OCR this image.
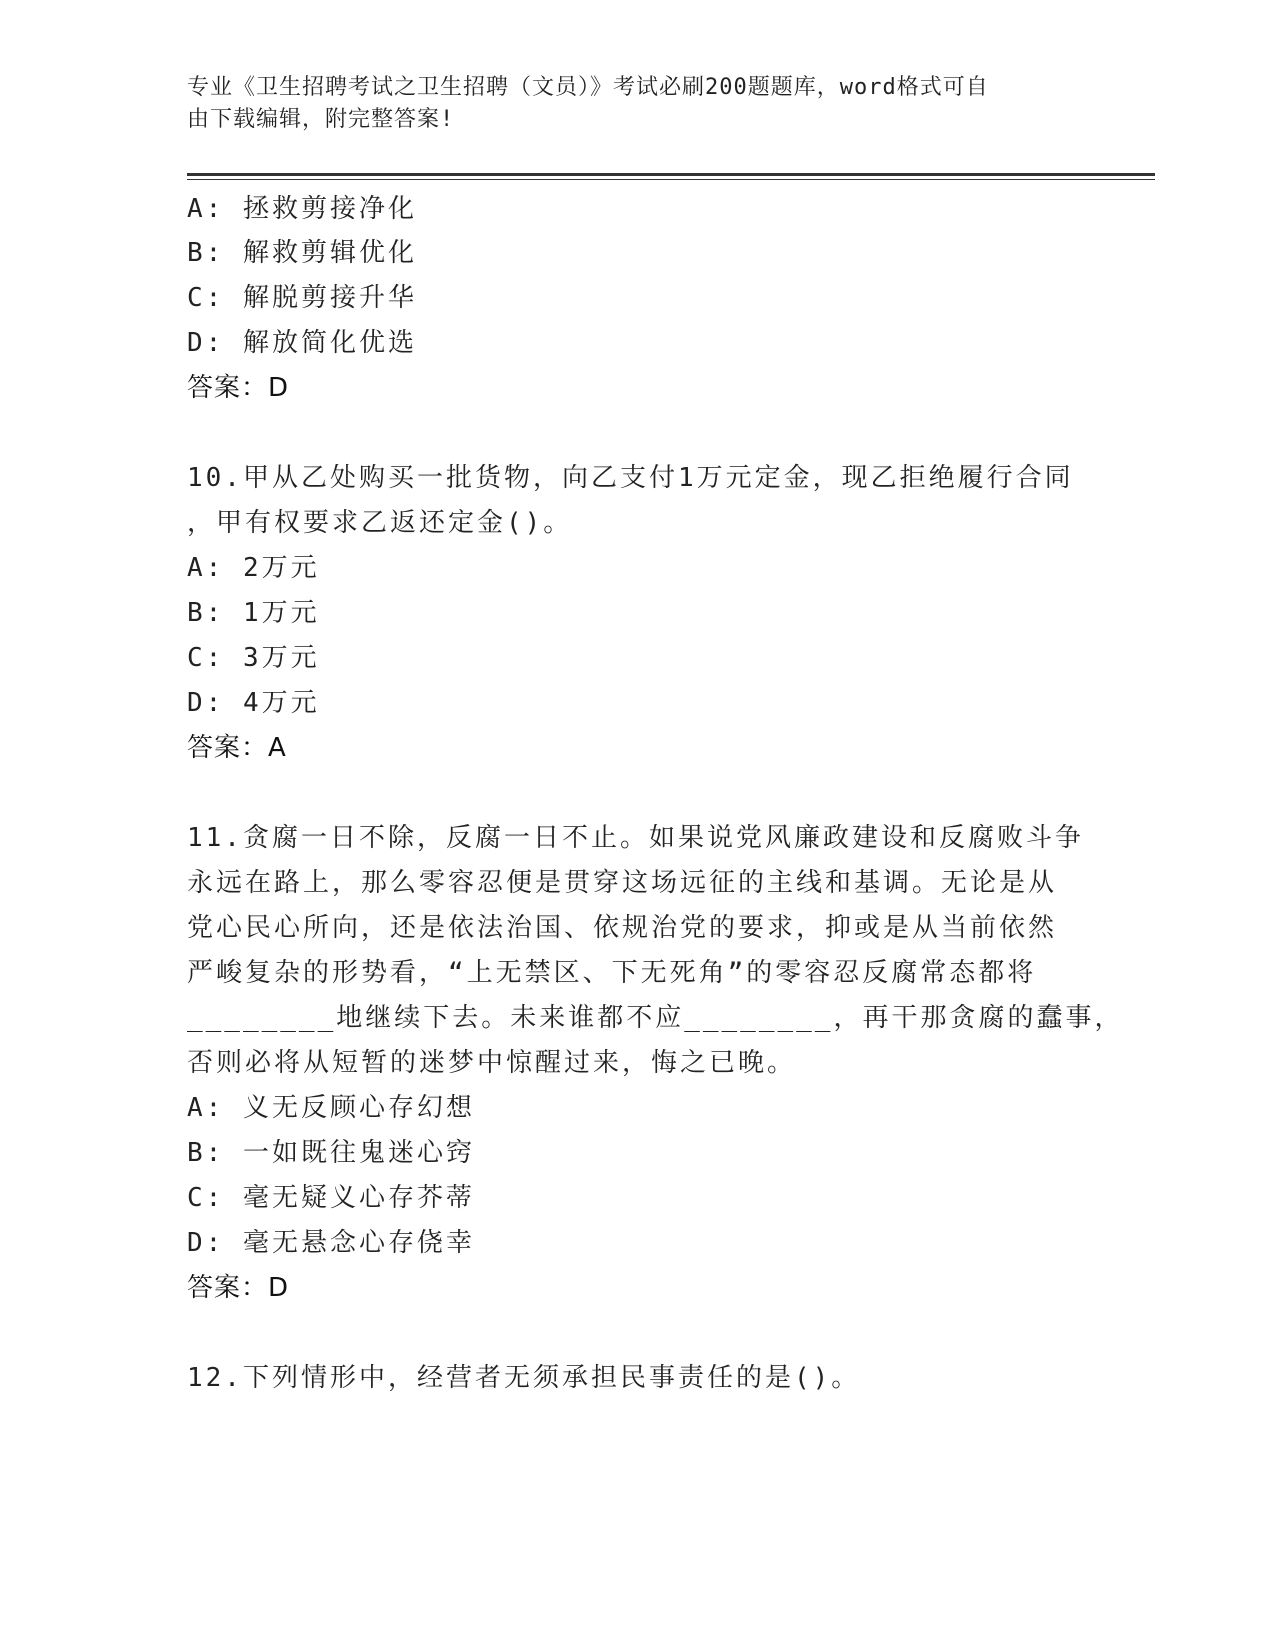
专业《卫生招聘考试之卫生招聘（文员）》考试必刷200题题库，word格式可自
由下载编辑，附完整答案!
A: 拯救剪接净化
B: 解救剪辑优化
C: 解脱剪接升华
D: 解放简化优选
答案：D
10.甲从乙处购买一批货物，向乙支付1万元定金，现乙拒绝履行合同
，甲有权要求乙返还定金()。
A: 2万元
B: 1万元
C: 3万元
D: 4万元
答案：A
11.贪腐一日不除，反腐一日不止。如果说党风廉政建设和反腐败斗争
永远在路上，那么零容忍便是贯穿这场远征的主线和基调。无论是从
党心民心所向，还是依法治国、依规治党的要求，抑或是从当前依然
严峻复杂的形势看，“上无禁区、下无死角”的零容忍反腐常态都将
________地继续下去。未来谁都不应________，再干那贪腐的蠢事，
否则必将从短暂的迷梦中惊醒过来，悔之已晚。
A: 义无反顾心存幻想
B: 一如既往鬼迷心窍
C: 毫无疑义心存芥蒂
D: 毫无悬念心存侥幸
答案：D
12.下列情形中，经营者无须承担民事责任的是()。
